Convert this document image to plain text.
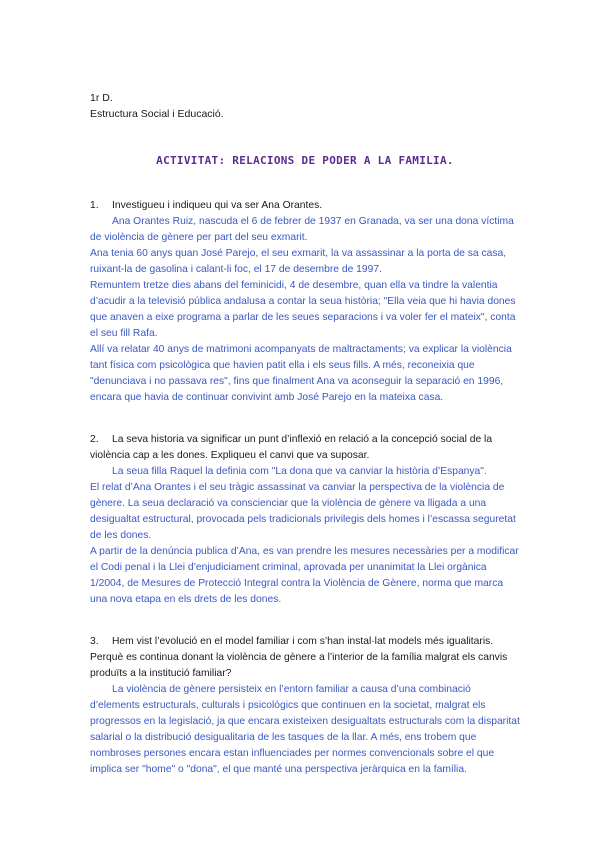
1r D.

Estructura Social i Educació.

ACTIVITAT: RELACIONS DE PODER A LA FAMILIA.

1. Investigueu i indiqueu qui va ser Ana Orantes.

Ana Orantes Ruiz, nascuda el 6 de febrer de 1937 en Granada, va ser una dona víctima de violència de gènere per part del seu exmarit.

Ana tenia 60 anys quan José Parejo, el seu exmarit, la va assassinar a la porta de sa casa, ruixant-la de gasolina i calant-li foc, el 17 de desembre de 1997.

Remuntem tretze dies abans del feminicidi, 4 de desembre, quan ella va tindre la valentia d’acudir a la televisió pública andalusa a contar la seua història; "Ella veia que hi havia dones que anaven a eixe programa a parlar de les seues separacions i va voler fer el mateix", conta el seu fill Rafa.

Allí va relatar 40 anys de matrimoni acompanyats de maltractaments; va explicar la violència tant física com psicològica que havien patit ella i els seus fills. A més, reconeixia que "denunciava i no passava res", fins que finalment Ana va aconseguir la separació en 1996, encara que havia de continuar convivint amb José Parejo en la mateixa casa.

2. La seva historia va significar un punt d’inflexió en relació a la concepció social de la violència cap a les dones. Expliqueu el canvi que va suposar.

La seua filla Raquel la definia com "La dona que va canviar la història d’Espanya".

El relat d’Ana Orantes i el seu tràgic assassinat va canviar la perspectiva de la violència de gènere. La seua declaració va conscienciar que la violència de gènere va lligada a una desigualtat estructural, provocada pels tradicionals privilegis dels homes i l’escassa seguretat de les dones.

A partir de la denúncia publica d’Ana, es van prendre les mesures necessàries per a modificar el Codi penal i la Llei d’enjudiciament criminal, aprovada per unanimitat la Llei orgànica 1/2004, de Mesures de Protecció Integral contra la Violència de Gènere, norma que marca una nova etapa en els drets de les dones.

3. Hem vist l’evolució en el model familiar i com s’han instal·lat models més igualitaris. Perquè es continua donant la violència de gènere a l’interior de la família malgrat els canvis produïts a la institució familiar?

La violència de gènere persisteix en l’entorn familiar a causa d’una combinació d’elements estructurals, culturals i psicològics que continuen en la societat, malgrat els progressos en la legislació, ja que encara existeixen desigualtats estructurals com la disparitat salarial o la distribució desigualitaria de les tasques de la llar. A més, ens trobem que nombroses persones encara estan influenciades per normes convencionals sobre el que implica ser "home" o "dona", el que manté una perspectiva jeràrquica en la família.
